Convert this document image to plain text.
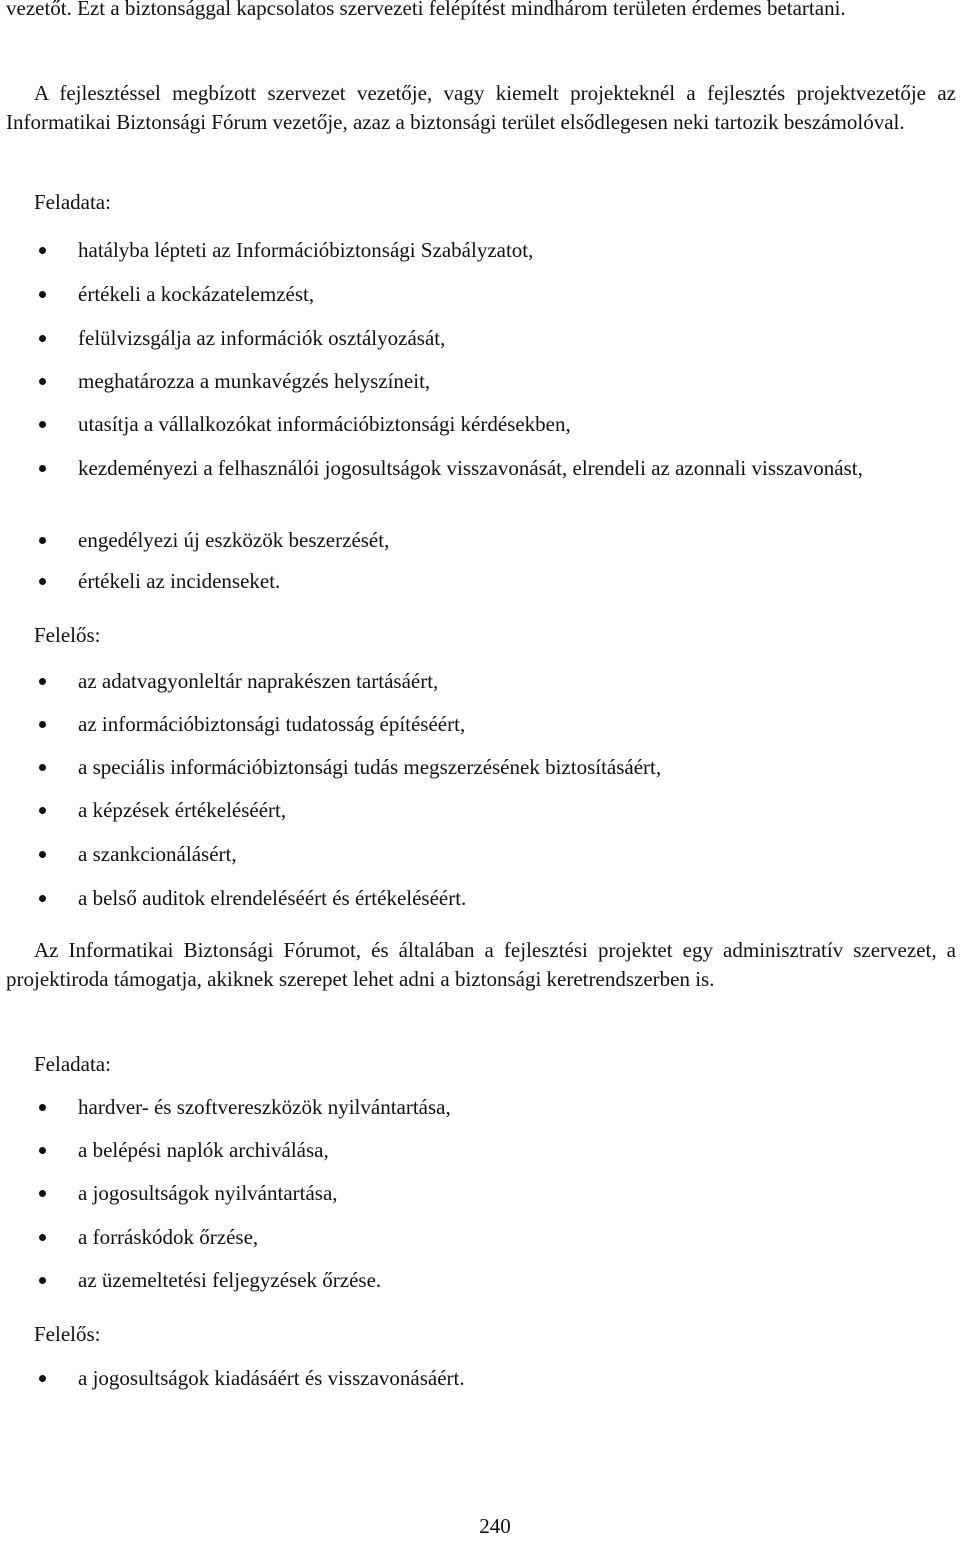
vezetőt. Ezt a biztonsággal kapcsolatos szervezeti felépítést mindhárom területen érdemes betartani.

A fejlesztéssel megbízott szervezet vezetője, vagy kiemelt projekteknél a fejlesztés projektvezetője az Informatikai Biztonsági Fórum vezetője, azaz a biztonsági terület elsődlegesen neki tartozik beszámolóval.

Feladata:

hatályba lépteti az Információbiztonsági Szabályzatot,
értékeli a kockázatelemzést,
felülvizsgálja az információk osztályozását,
meghatározza a munkavégzés helyszíneit,
utasítja a vállalkozókat információbiztonsági kérdésekben,
kezdeményezi a felhasználói jogosultságok visszavonását, elrendeli az azonnali visszavonást,
engedélyezi új eszközök beszerzését,
értékeli az incidenseket.

Felelős:

az adatvagyonleltár naprakészen tartásáért,
az információbiztonsági tudatosság építéséért,
a speciális információbiztonsági tudás megszerzésének biztosításáért,
a képzések értékeléséért,
a szankcionálásért,
a belső auditok elrendeléséért és értékeléséért.

Az Informatikai Biztonsági Fórumot, és általában a fejlesztési projektet egy adminisztratív szervezet, a projektiroda támogatja, akiknek szerepet lehet adni a biztonsági keretrendszerben is.

Feladata:

hardver- és szoftvereszközök nyilvántartása,
a belépési naplók archiválása,
a jogosultságok nyilvántartása,
a forráskódok őrzése,
az üzemeltetési feljegyzések őrzése.

Felelős:

a jogosultságok kiadásáért és visszavonásáért.
240
